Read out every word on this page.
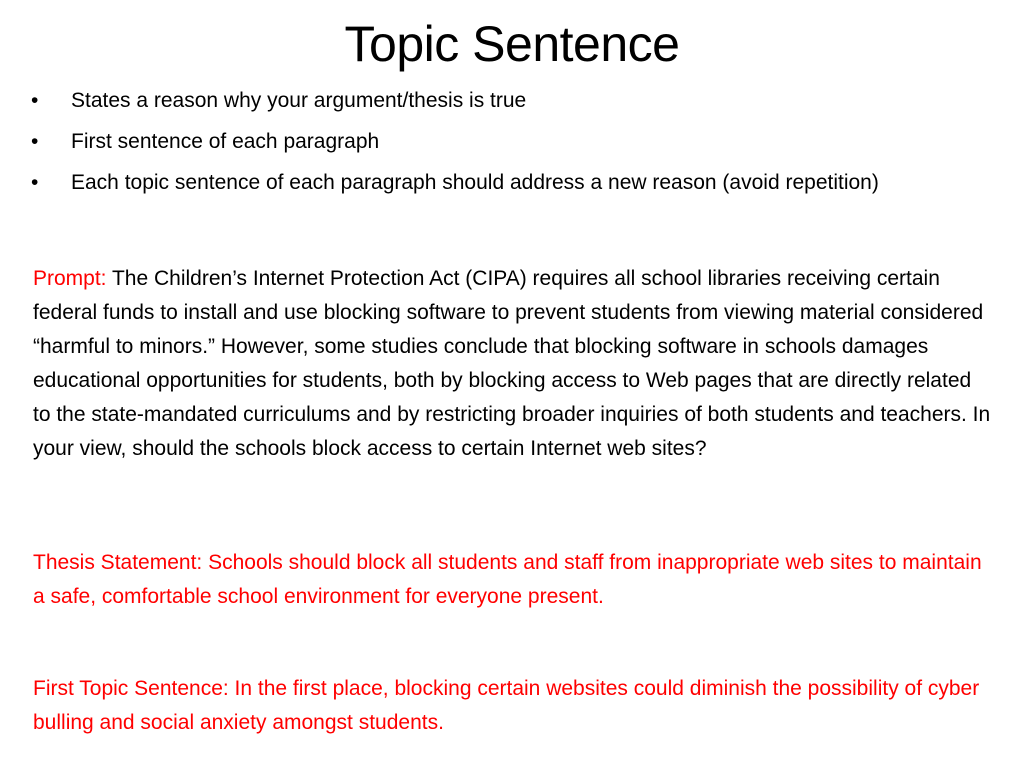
Topic Sentence
• States a reason why your argument/thesis is true
• First sentence of each paragraph
• Each topic sentence of each paragraph should address a new reason (avoid repetition)
Prompt: The Children’s Internet Protection Act (CIPA) requires all school libraries receiving certain federal funds to install and use blocking software to prevent students from viewing material considered “harmful to minors.” However, some studies conclude that blocking software in schools damages educational opportunities for students, both by blocking access to Web pages that are directly related to the state-mandated curriculums and by restricting broader inquiries of both students and teachers. In your view, should the schools block access to certain Internet web sites?
Thesis Statement: Schools should block all students and staff from inappropriate web sites to maintain a safe, comfortable school environment for everyone present.
First Topic Sentence: In the first place, blocking certain websites could diminish the possibility of cyber bulling and social anxiety amongst students.
